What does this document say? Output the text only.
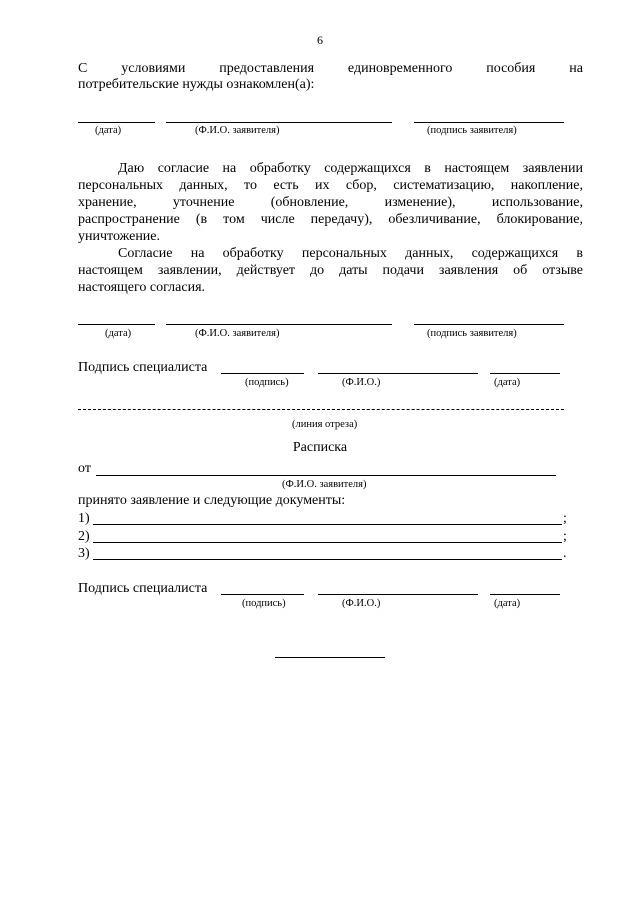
6
С условиями предоставления единовременного пособия на
потребительские нужды ознакомлен(а):
(дата)	(Ф.И.О. заявителя)	(подпись заявителя)
Даю согласие на обработку содержащихся в настоящем заявлении
персональных данных, то есть их сбор, систематизацию, накопление,
хранение, уточнение (обновление, изменение), использование,
распространение (в том числе передачу), обезличивание, блокирование,
уничтожение.
Согласие на обработку персональных данных, содержащихся в
настоящем заявлении, действует до даты подачи заявления об отзыве
настоящего согласия.
(дата)	(Ф.И.О. заявителя)	(подпись заявителя)
Подпись специалиста
(подпись)	(Ф.И.О.)	(дата)
(линия отреза)
Расписка
от
(Ф.И.О. заявителя)
принято заявление и следующие документы:
1)	;
2)	;
3)	.
Подпись специалиста
(подпись)	(Ф.И.О.)	(дата)
